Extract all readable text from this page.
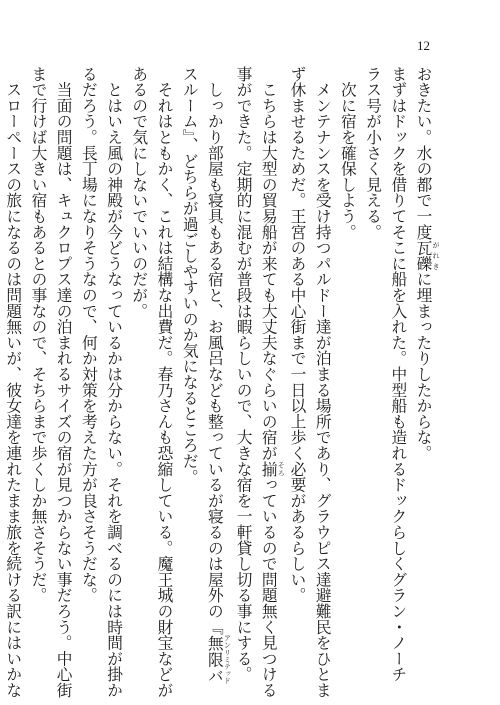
12

おきたい。水の都で一度瓦礫がれきに埋まったりしたからな。

まずはドックを借りてそこに船を入れた。中型船も造れるドックらしくグラン・ノーチ

ラス号が小さく見える。

　次に宿を確保しよう。

　メンテナンスを受け持つパルドー達が泊まる場所であり、グラウピス達避難民をひとま

ず休ませるためだ。王宮のある中心街まで一日以上歩く必要があるらしい。

　こちらは大型の貿易船が来ても大丈夫なぐらいの宿が揃そろっているので問題無く見つける

事ができた。定期的に混むが普段は暇らしいので、大きな宿を一軒貸し切る事にする。

　しっかり部屋も寝具もある宿と、お風呂なども整っているが寝るのは屋外の『無限バアンリミテッド

スルーム』、どちらが過ごしやすいのか気になるところだ。

　それはともかく、これは結構な出費だ。春乃さんも恐縮している。魔王城の財宝などが

あるので気にしないでいいのだが。

　とはいえ風の神殿が今どうなっているかは分からない。それを調べるのには時間が掛か

るだろう。長丁場になりそうなので、何か対策を考えた方が良さそうだな。

　当面の問題は、キュクロプス達の泊まれるサイズの宿が見つからない事だろう。中心街

まで行けば大きい宿もあるとの事なので、そちらまで歩くしか無さそうだ。

　スローペースの旅になるのは問題無いが、彼女達を連れたまま旅を続ける訳にはいかな
